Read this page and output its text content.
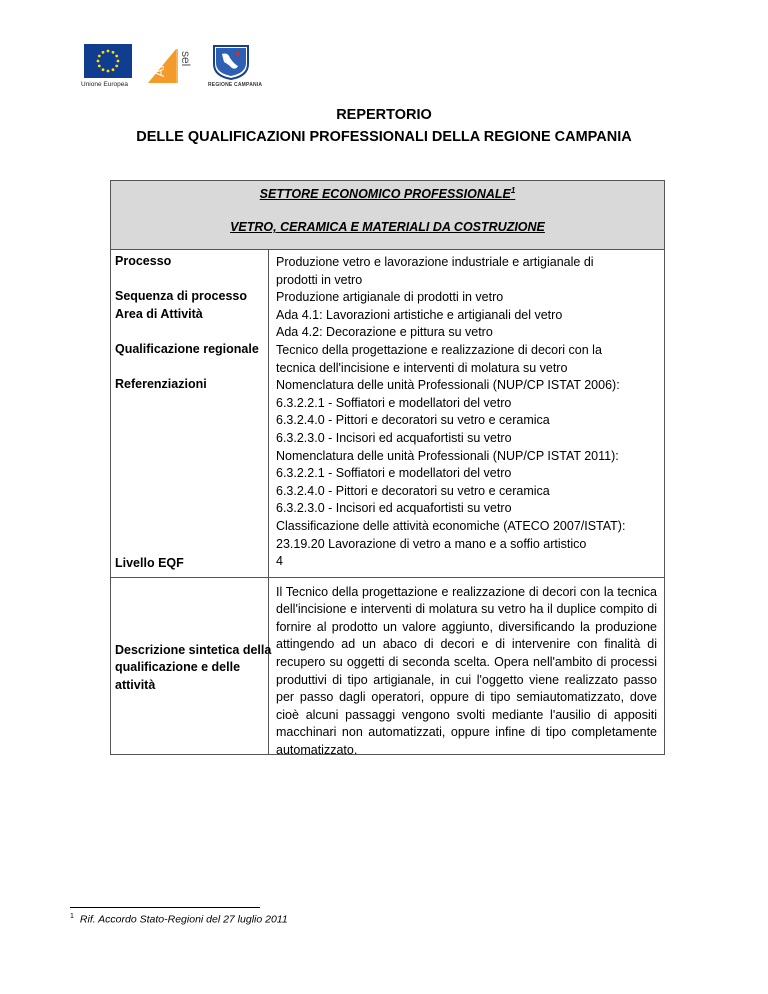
Unione Europea
Ar
sel
REGIONE CAMPANIA
REPERTORIO
DELLE QUALIFICAZIONI PROFESSIONALI DELLA REGIONE CAMPANIA
SETTORE ECONOMICO PROFESSIONALE$^1$
VETRO, CERAMICA E MATERIALI DA COSTRUZIONE
Processo
Sequenza di processo
Area di Attività
Qualificazione regionale
Referenziazioni
Livello EQF
Produzione vetro e lavorazione industriale e artigianale di
prodotti in vetro
Produzione artigianale di prodotti in vetro
Ada 4.1: Lavorazioni artistiche e artigianali del vetro
Ada 4.2: Decorazione e pittura su vetro
Tecnico della progettazione e realizzazione di decori con la
tecnica dell'incisione e interventi di molatura su vetro
Nomenclatura delle unità Professionali (NUP/CP ISTAT 2006):
6.3.2.2.1 - Soffiatori e modellatori del vetro
6.3.2.4.0 - Pittori e decoratori su vetro e ceramica
6.3.2.3.0 - Incisori ed acquafortisti su vetro
Nomenclatura delle unità Professionali (NUP/CP ISTAT 2011):
6.3.2.2.1 - Soffiatori e modellatori del vetro
6.3.2.4.0 - Pittori e decoratori su vetro e ceramica
6.3.2.3.0 - Incisori ed acquafortisti su vetro
Classificazione delle attività economiche (ATECO 2007/ISTAT):
23.19.20 Lavorazione di vetro a mano e a soffio artistico
4
Descrizione sintetica della qualificazione e delle attività
Il Tecnico della progettazione e realizzazione di decori con la tecnica dell'incisione e interventi di molatura su vetro ha il duplice compito di fornire al prodotto un valore aggiunto, diversificando la produzione attingendo ad un abaco di decori e di intervenire con finalità di recupero su oggetti di seconda scelta. Opera nell'ambito di processi produttivi di tipo artigianale, in cui l'oggetto viene realizzato passo per passo dagli operatori, oppure di tipo semiautomatizzato, dove cioè alcuni passaggi vengono svolti mediante l'ausilio di appositi macchinari non automatizzati, oppure infine di tipo completamente automatizzato.
$^1$ Rif. Accordo Stato-Regioni del 27 luglio 2011
